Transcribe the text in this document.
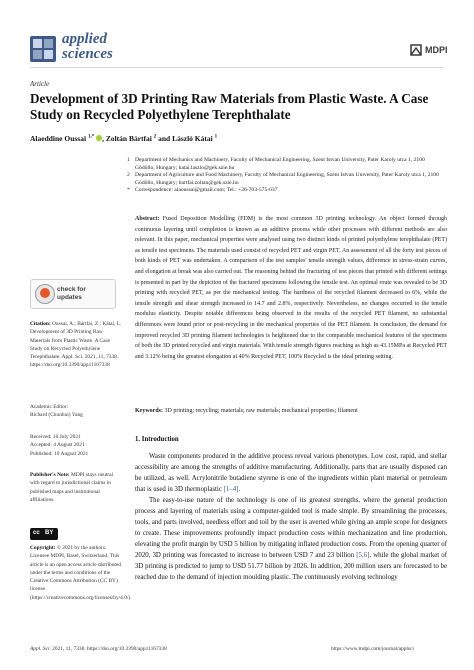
applied
sciences	MDPI
Article
Development of 3D Printing Raw Materials from Plastic Waste. A Case Study on Recycled Polyethylene Terephthalate
Alaeddine Oussai $^{1,*}$ , Zoltán Bártfai $^2$ and László Kátai $^1$
1 Department of Mechanics and Machinery, Faculty of Mechanical Engineering, Szent Istvan University, Pater Karoly utca 1, 2100 Gödöllo, Hungary; katai.laszlo@gek.szie.hu
2 Department of Agriculture and Food Machinery, Faculty of Mechanical Engineering, Szent Istvan University, Pater Karoly utca 1, 2100 Gödöllo, Hungary; bartfai.zoltan@gek.szie.hu
* Correspondence: alaoussai@gmail.com; Tel.: +36-703-575-637
Abstract: Fused Deposition Modelling (FDM) is the most common 3D printing technology. An object formed through continuous layering until completion is known as an additive process while other processes with different methods are also relevant. In this paper, mechanical properties were analysed using two distinct kinds of printed polyethylene terephthalate (PET) as tensile test specimens. The materials used consist of recycled PET and virgin PET. An assessment of all the forty test pieces of both kinds of PET was undertaken. A comparison of the test samples' tensile strength values, difference in stress-strain curves, and elongation at break was also carried out. The reasoning behind the fracturing of test pieces that printed with different settings is presented in part by the depiction of the fractured specimens following the tensile test. An optimal route was revealed to be 3D printing with recycled PET, as per the mechanical testing. The hardness of the recycled filament decreased to 6%, while the tensile strength and shear strength increased to 14.7 and 2.8%, respectively. Nevertheless, no changes occurred to the tensile modulus elasticity. Despite notable differences being observed in the results of the recycled PET filament, no substantial differences were found prior or post-recycling in the mechanical properties of the PET filament. In conclusion, the demand for improved recycled 3D printing filament technologies is heightened due to the comparable mechanical features of the specimens of both the 3D printed recycled and virgin materials. With tensile strength figures reaching as high as 43.15MPa at Recycled PET and 3.12% being the greatest elongation at 40% Recycled PET, 100% Recycled is the ideal printing setting.
Keywords: 3D printing; recycling; materials; raw materials; mechanical properties; filament
check for
updates
Citation: Oussai, A.; Bártfai, Z.; Kátai, L. Development of 3D Printing Raw Materials from Plastic Waste. A Case Study on Recycled Polyethylene Terephthalate. Appl. Sci. 2021, 11, 7338. https://doi.org/10.3390/app11167338
Academic Editor:
Richard (Chunhui) Yang
Received: 10 July 2021
Accepted: 4 August 2021
Published: 10 August 2021
Publisher's Note: MDPI stays neutral with regard to jurisdictional claims in published maps and institutional affiliations.
cc BY
Copyright: © 2021 by the authors. Licensee MDPI, Basel, Switzerland. This article is an open access article distributed under the terms and conditions of the Creative Commons Attribution (CC BY) license (https://creativecommons.org/licenses/by/4.0/).
1. Introduction
Waste components produced in the additive process reveal various phenotypes. Low cost, rapid, and stellar accessibility are among the strengths of additive manufacturing. Additionally, parts that are usually disposed can be utilized, as well. Acrylonitrile butadiene styrene is one of the ingredients within plant material or petroleum that is used in 3D thermoplastic [1–4].
The easy-to-use nature of the technology is one of its greatest strengths, where the general production process and layering of materials using a computer-guided tool is made simple. By streamlining the processes, tools, and parts involved, needless effort and toil by the user is averted while giving an ample scope for designers to create. These improvements profoundly impact production costs within mechanization and line production, elevating the profit margin by USD 5 billion by mitigating inflated production costs. From the opening quarter of 2020, 3D printing was forecasted to increase to between USD 7 and 23 billion [5,6], while the global market of 3D printing is predicted to jump to USD 51.77 billion by 2026. In addition, 200 million users are forecasted to be reached due to the demand of injection moulding plastic. The continuously evolving technology
Appl. Sci. 2021, 11, 7338. https://doi.org/10.3390/app11167338	https://www.mdpi.com/journal/applsci
